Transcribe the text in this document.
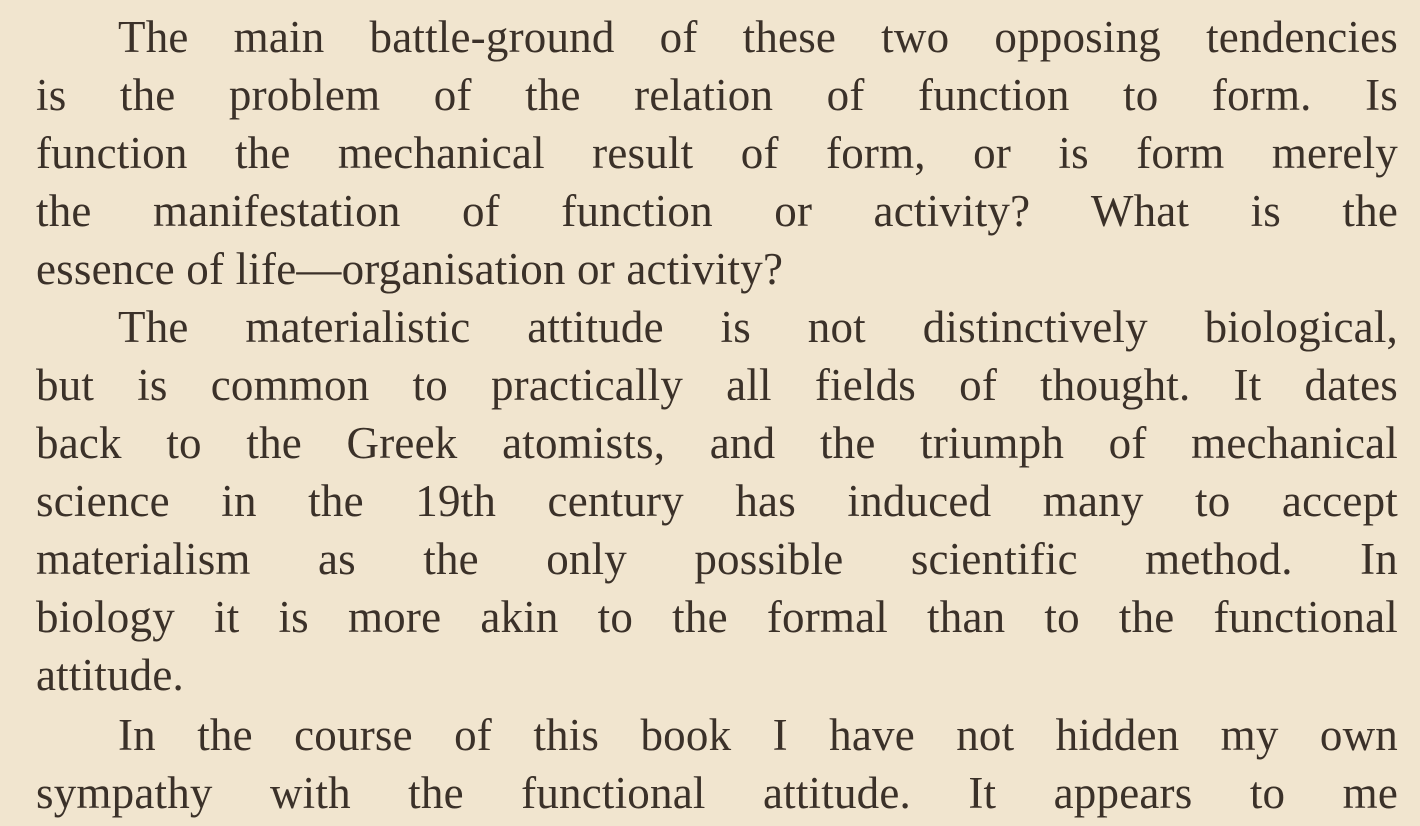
The main battle-ground of these two opposing tendencies
is the problem of the relation of function to form. Is
function the mechanical result of form, or is form merely
the manifestation of function or activity? What is the
essence of life—organisation or activity?
The materialistic attitude is not distinctively biological,
but is common to practically all fields of thought. It dates
back to the Greek atomists, and the triumph of mechanical
science in the 19th century has induced many to accept
materialism as the only possible scientific method. In
biology it is more akin to the formal than to the functional
attitude.
In the course of this book I have not hidden my own
sympathy with the functional attitude. It appears to me
